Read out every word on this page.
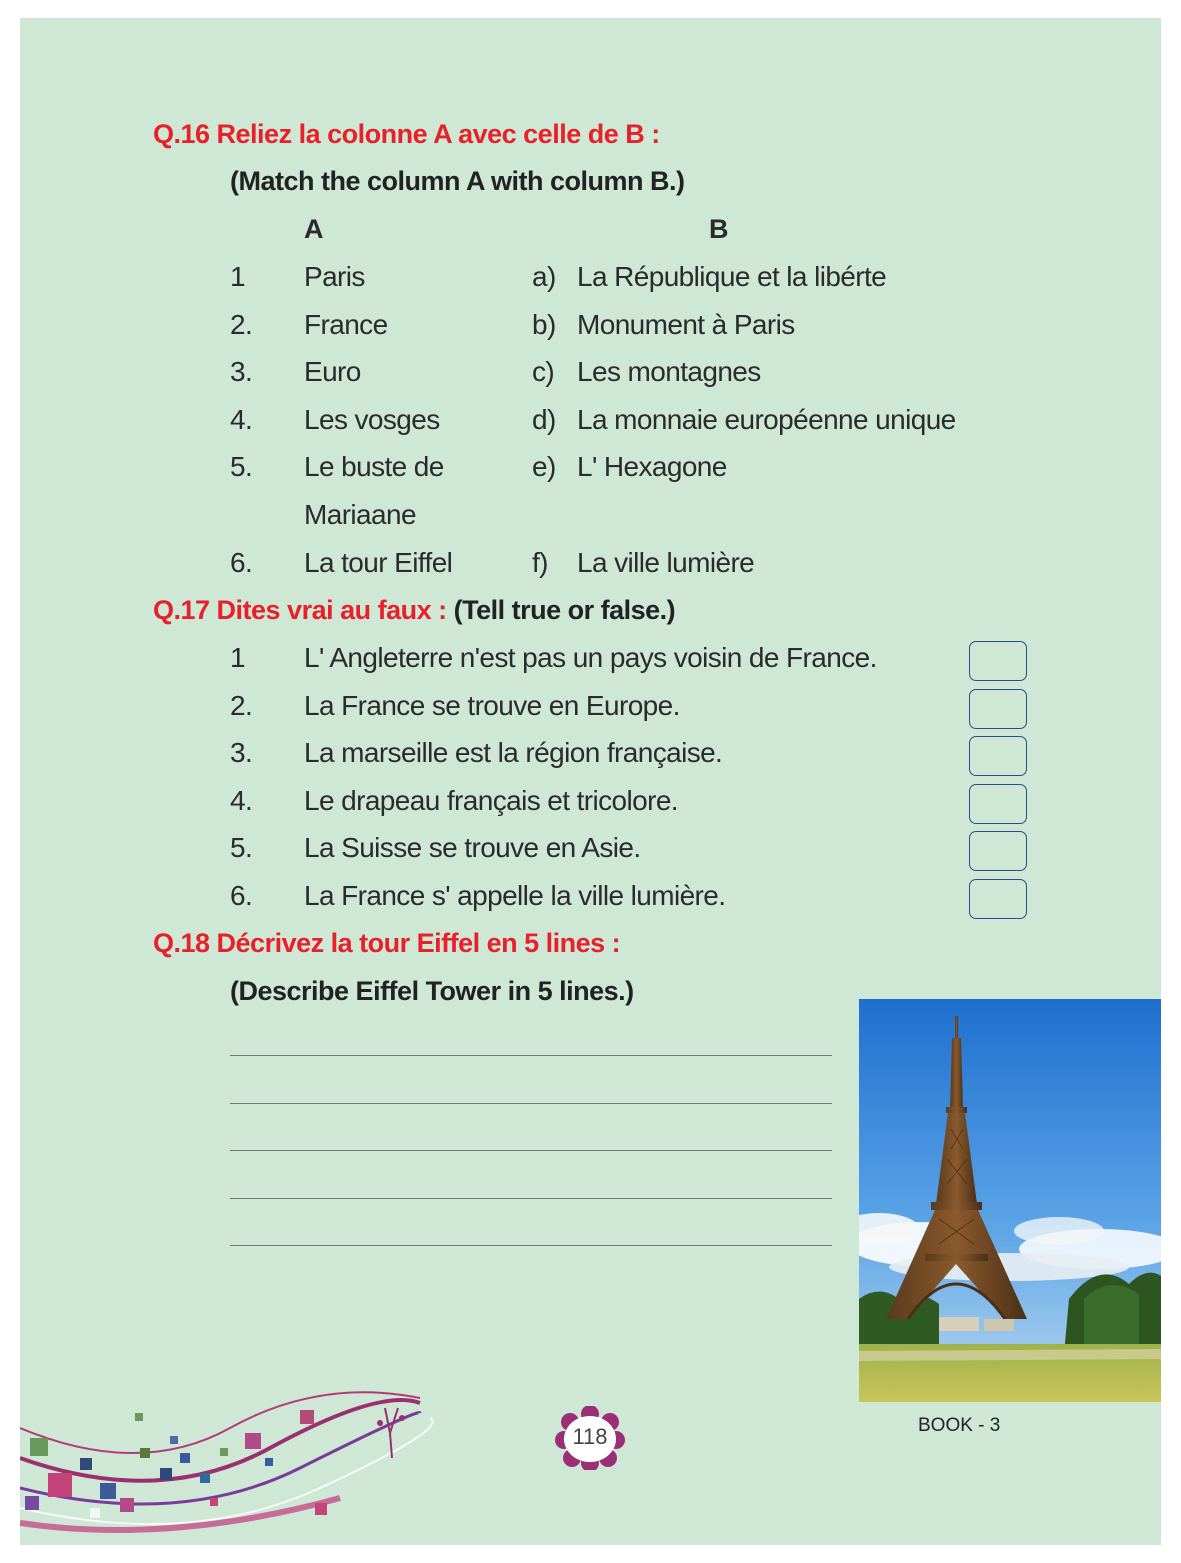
Q.16 Reliez la colonne A avec celle de B :
(Match the column A with column B.)
A	B
1 Paris	a) La République et la libérte
2. France	b) Monument à Paris
3. Euro	c) Les montagnes
4. Les vosges	d) La monnaie européenne unique
5. Le buste de	e) L' Hexagone
Mariaane
6. La tour Eiffel	f) La ville lumière
Q.17 Dites vrai au faux : (Tell true or false.)
1 L' Angleterre n'est pas un pays voisin de France.
2. La France se trouve en Europe.
3. La marseille est la région française.
4. Le drapeau français et tricolore.
5. La Suisse se trouve en Asie.
6. La France s' appelle la ville lumière.
Q.18 Décrivez la tour Eiffel en 5 lines :
(Describe Eiffel Tower in 5 lines.)
BOOK - 3
118
